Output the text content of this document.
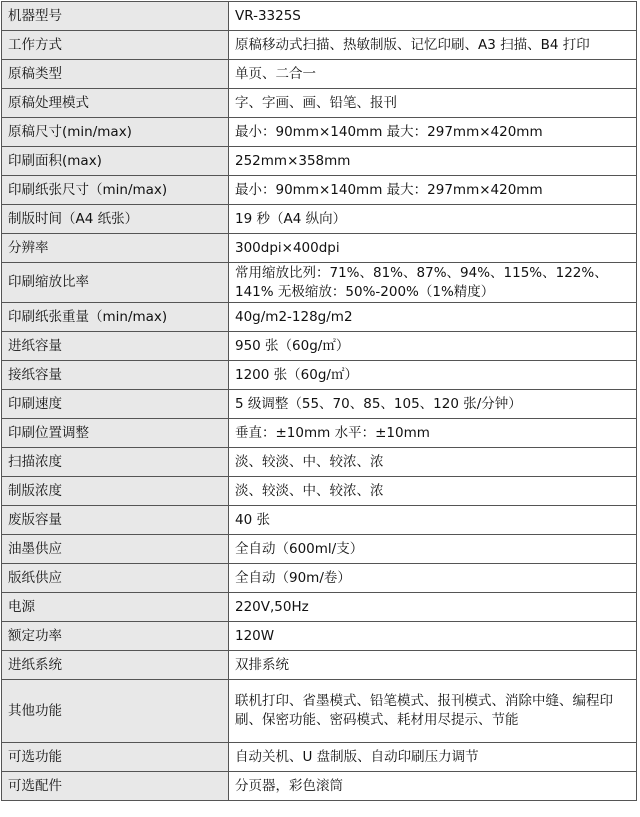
机器型号	VR-3325S
工作方式	原稿移动式扫描、热敏制版、记忆印刷、A3 扫描、B4 打印
原稿类型	单页、二合一
原稿处理模式	字、字画、画、铅笔、报刊
原稿尺寸(min/max)	最小：90mm×140mm 最大：297mm×420mm
印刷面积(max)	252mm×358mm
印刷纸张尺寸（min/max)	最小：90mm×140mm 最大：297mm×420mm
制版时间（A4 纸张）	19 秒（A4 纵向）
分辨率	300dpi×400dpi
印刷缩放比率	常用缩放比列：71%、81%、87%、94%、115%、122%、141% 无极缩放：50%-200%（1%精度）
印刷纸张重量（min/max)	40g/m2-128g/m2
进纸容量	950 张（60g/㎡）
接纸容量	1200 张（60g/㎡）
印刷速度	5 级调整（55、70、85、105、120 张/分钟）
印刷位置调整	垂直：±10mm 水平：±10mm
扫描浓度	淡、较淡、中、较浓、浓
制版浓度	淡、较淡、中、较浓、浓
废版容量	40 张
油墨供应	全自动（600ml/支）
版纸供应	全自动（90m/卷）
电源	220V,50Hz
额定功率	120W
进纸系统	双排系统
其他功能	联机打印、省墨模式、铅笔模式、报刊模式、消除中缝、编程印刷、保密功能、密码模式、耗材用尽提示、节能
可选功能	自动关机、U 盘制版、自动印刷压力调节
可选配件	分页器，彩色滚筒
